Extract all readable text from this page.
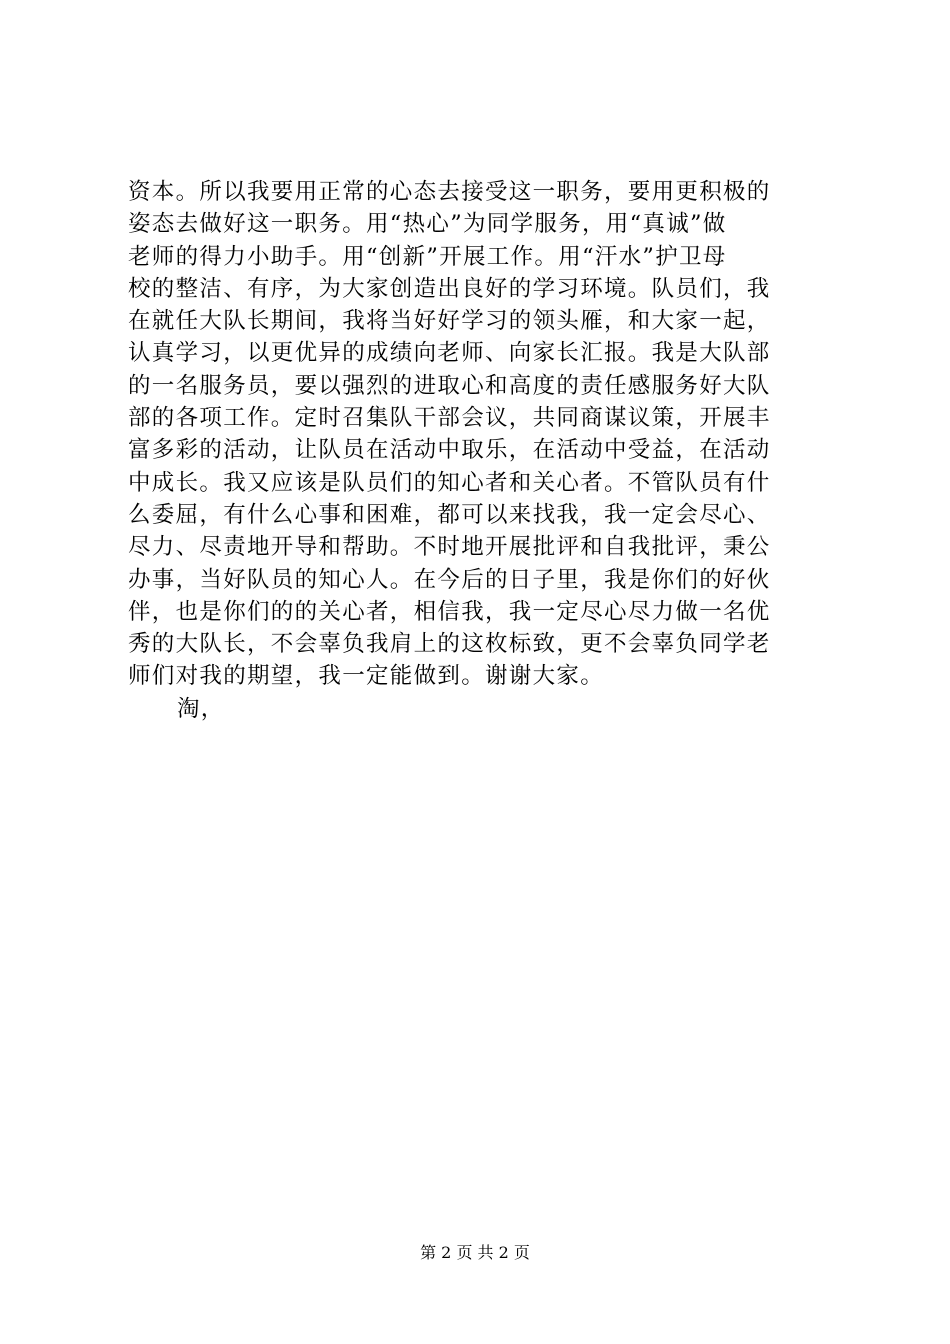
资本。所以我要用正常的心态去接受这一职务，要用更积极的
姿态去做好这一职务。用“热心”为同学服务，用“真诚”做
老师的得力小助手。用“创新”开展工作。用“汗水”护卫母
校的整洁、有序，为大家创造出良好的学习环境。队员们，我
在就任大队长期间，我将当好好学习的领头雁，和大家一起，
认真学习，以更优异的成绩向老师、向家长汇报。我是大队部
的一名服务员，要以强烈的进取心和高度的责任感服务好大队
部的各项工作。定时召集队干部会议，共同商谋议策，开展丰
富多彩的活动，让队员在活动中取乐，在活动中受益，在活动
中成长。我又应该是队员们的知心者和关心者。不管队员有什
么委屈，有什么心事和困难，都可以来找我，我一定会尽心、
尽力、尽责地开导和帮助。不时地开展批评和自我批评，秉公
办事，当好队员的知心人。在今后的日子里，我是你们的好伙
伴，也是你们的的关心者，相信我，我一定尽心尽力做一名优
秀的大队长，不会辜负我肩上的这枚标致，更不会辜负同学老
师们对我的期望，我一定能做到。谢谢大家。
淘，
第 2 页 共 2 页
